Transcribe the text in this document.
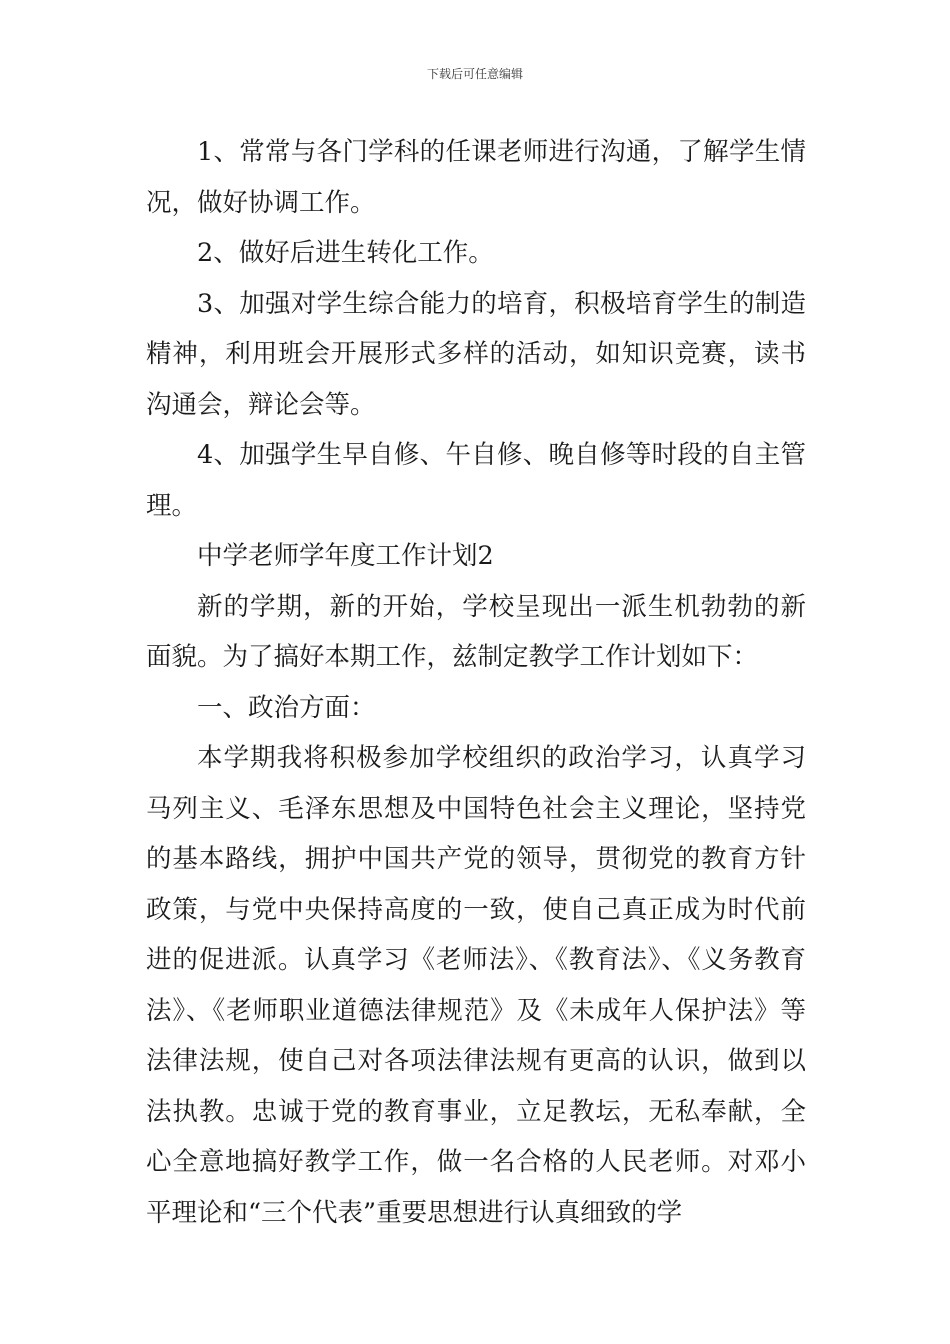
下载后可任意编辑

1、常常与各门学科的任课老师进行沟通，了解学生情况，做好协调工作。

2、做好后进生转化工作。

3、加强对学生综合能力的培育，积极培育学生的制造精神，利用班会开展形式多样的活动，如知识竞赛，读书沟通会，辩论会等。

4、加强学生早自修、午自修、晚自修等时段的自主管理。

中学老师学年度工作计划2

新的学期，新的开始，学校呈现出一派生机勃勃的新面貌。为了搞好本期工作，兹制定教学工作计划如下：

一、政治方面：

本学期我将积极参加学校组织的政治学习，认真学习马列主义、毛泽东思想及中国特色社会主义理论，坚持党的基本路线，拥护中国共产党的领导，贯彻党的教育方针政策，与党中央保持高度的一致，使自己真正成为时代前进的促进派。认真学习《老师法》、《教育法》、《义务教育法》、《老师职业道德法律规范》及《未成年人保护法》等法律法规，使自己对各项法律法规有更高的认识，做到以法执教。忠诚于党的教育事业，立足教坛，无私奉献，全心全意地搞好教学工作，做一名合格的人民老师。对邓小平理论和“三个代表”重要思想进行认真细致的学
